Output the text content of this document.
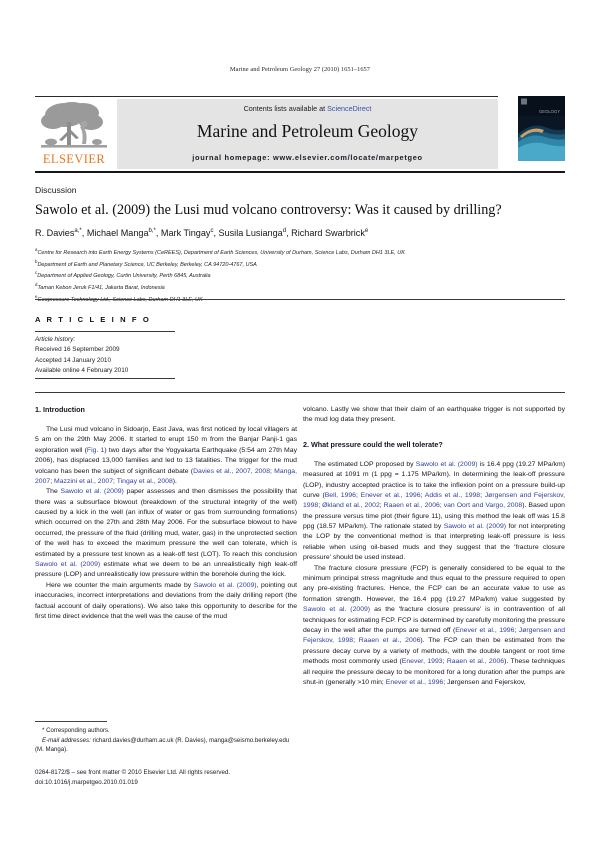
Marine and Petroleum Geology 27 (2010) 1651–1657
ELSEVIER
Contents lists available at ScienceDirect
Marine and Petroleum Geology
journal homepage: www.elsevier.com/locate/marpetgeo
GEOLOGY
Discussion
Sawolo et al. (2009) the Lusi mud volcano controversy: Was it caused by drilling?
R. Davies$^{a,*}$, Michael Manga$^{b,*}$, Mark Tingay$^c$, Susila Lusianga$^d$, Richard Swarbrick$^e$
$^a$Centre for Research into Earth Energy Systems (CeREES), Department of Earth Sciences, University of Durham, Science Labs, Durham DH1 3LE, UK
$^b$Department of Earth and Planetary Science, UC Berkeley, Berkeley, CA 94720-4767, USA
$^c$Department of Applied Geology, Curtin University, Perth 6845, Australia
$^d$Taman Kebon Jeruk F1/41, Jakarta Barat, Indonesia
$^e$
A R T I C L E I N F O
Article history:
Received 16 September 2009
Accepted 14 January 2010
Available online 4 February 2010
1. Introduction

The Lusi mud volcano in Sidoarjo, East Java, was first noticed by local villagers at 5 am on the 29th May 2006. It started to erupt 150 m from the Banjar Panji-1 gas exploration well (Fig. 1) two days after the Yogyakarta Earthquake (5:54 am 27th May 2006), has displaced 13,000 families and led to 13 fatalities. The trigger for the mud volcano has been the subject of significant debate (Davies et al., 2007, 2008; Manga, 2007; Mazzini et al., 2007; Tingay et al., 2008).

The Sawolo et al. (2009) paper assesses and then dismisses the possibility that there was a subsurface blowout (breakdown of the structural integrity of the well) caused by a kick in the well (an influx of water or gas from surrounding formations) which occurred on the 27th and 28th May 2006. For the subsurface blowout to have occurred, the pressure of the fluid (drilling mud, water, gas) in the unprotected section of the well has to exceed the maximum pressure the well can tolerate, which is estimated by a pressure test known as a leak-off test (LOT). To reach this conclusion Sawolo et al. (2009) estimate what we deem to be an unrealistically high leak-off pressure (LOP) and unrealistically low pressure within the borehole during the kick.

Here we counter the main arguments made by Sawolo et al. (2009), pointing out inaccuracies, incorrect interpretations and deviations from the daily drilling report (the factual account of daily operations). We also take this opportunity to describe for the first time direct evidence that the well was the cause of the mud

volcano. Lastly we show that their claim of an earthquake trigger is not supported by the mud log data they present.

2. What pressure could the well tolerate?

The estimated LOP proposed by Sawolo et al. (2009) is 16.4 ppg (19.27 MPa/km) measured at 1091 m (1 ppg = 1.175 MPa/km). In determining the leak-off pressure (LOP), industry accepted practice is to take the inflexion point on a pressure build-up curve (Bell, 1996; Enever et al., 1996; Addis et al., 1998; Jørgensen and Fejerskov, 1998; Økland et al., 2002; Raaen et al., 2006; van Oort and Vargo, 2008). Based upon the pressure versus time plot (their figure 11), using this method the leak off was 15.8 ppg (18.57 MPa/km). The rationale stated by Sawolo et al. (2009) for not interpreting the LOP by the conventional method is that interpreting leak-off pressure is less reliable when using oil-based muds and they suggest that the 'fracture closure pressure' should be used instead.

The fracture closure pressure (FCP) is generally considered to be equal to the minimum principal stress magnitude and thus equal to the pressure required to open any pre-existing fractures. Hence, the FCP can be an accurate value to use as formation strength. However, the 16.4 ppg (19.27 MPa/km) value suggested by Sawolo et al. (2009) as the 'fracture closure pressure' is in contravention of all techniques for estimating FCP. FCP is determined by carefully monitoring the pressure decay in the well after the pumps are turned off (Enever et al., 1996; Jørgensen and Fejerskov, 1998; Raaen et al., 2006). The FCP can then be estimated from the pressure decay curve by a variety of methods, with the double tangent or root time methods most commonly used (Enever, 1993; Raaen et al., 2006). These techniques all require the pressure decay to be monitored for a long duration after the pumps are shut-in (generally >10 min; Enever et al., 1996; Jørgensen and Fejerskov,

* Corresponding authors.
E-mail addresses: richard.davies@durham.ac.uk (R. Davies), manga@seismo.berkeley.edu (M. Manga).
0264-8172/$ – see front matter © 2010 Elsevier Ltd. All rights reserved.
doi:10.1016/j.marpetgeo.2010.01.019
